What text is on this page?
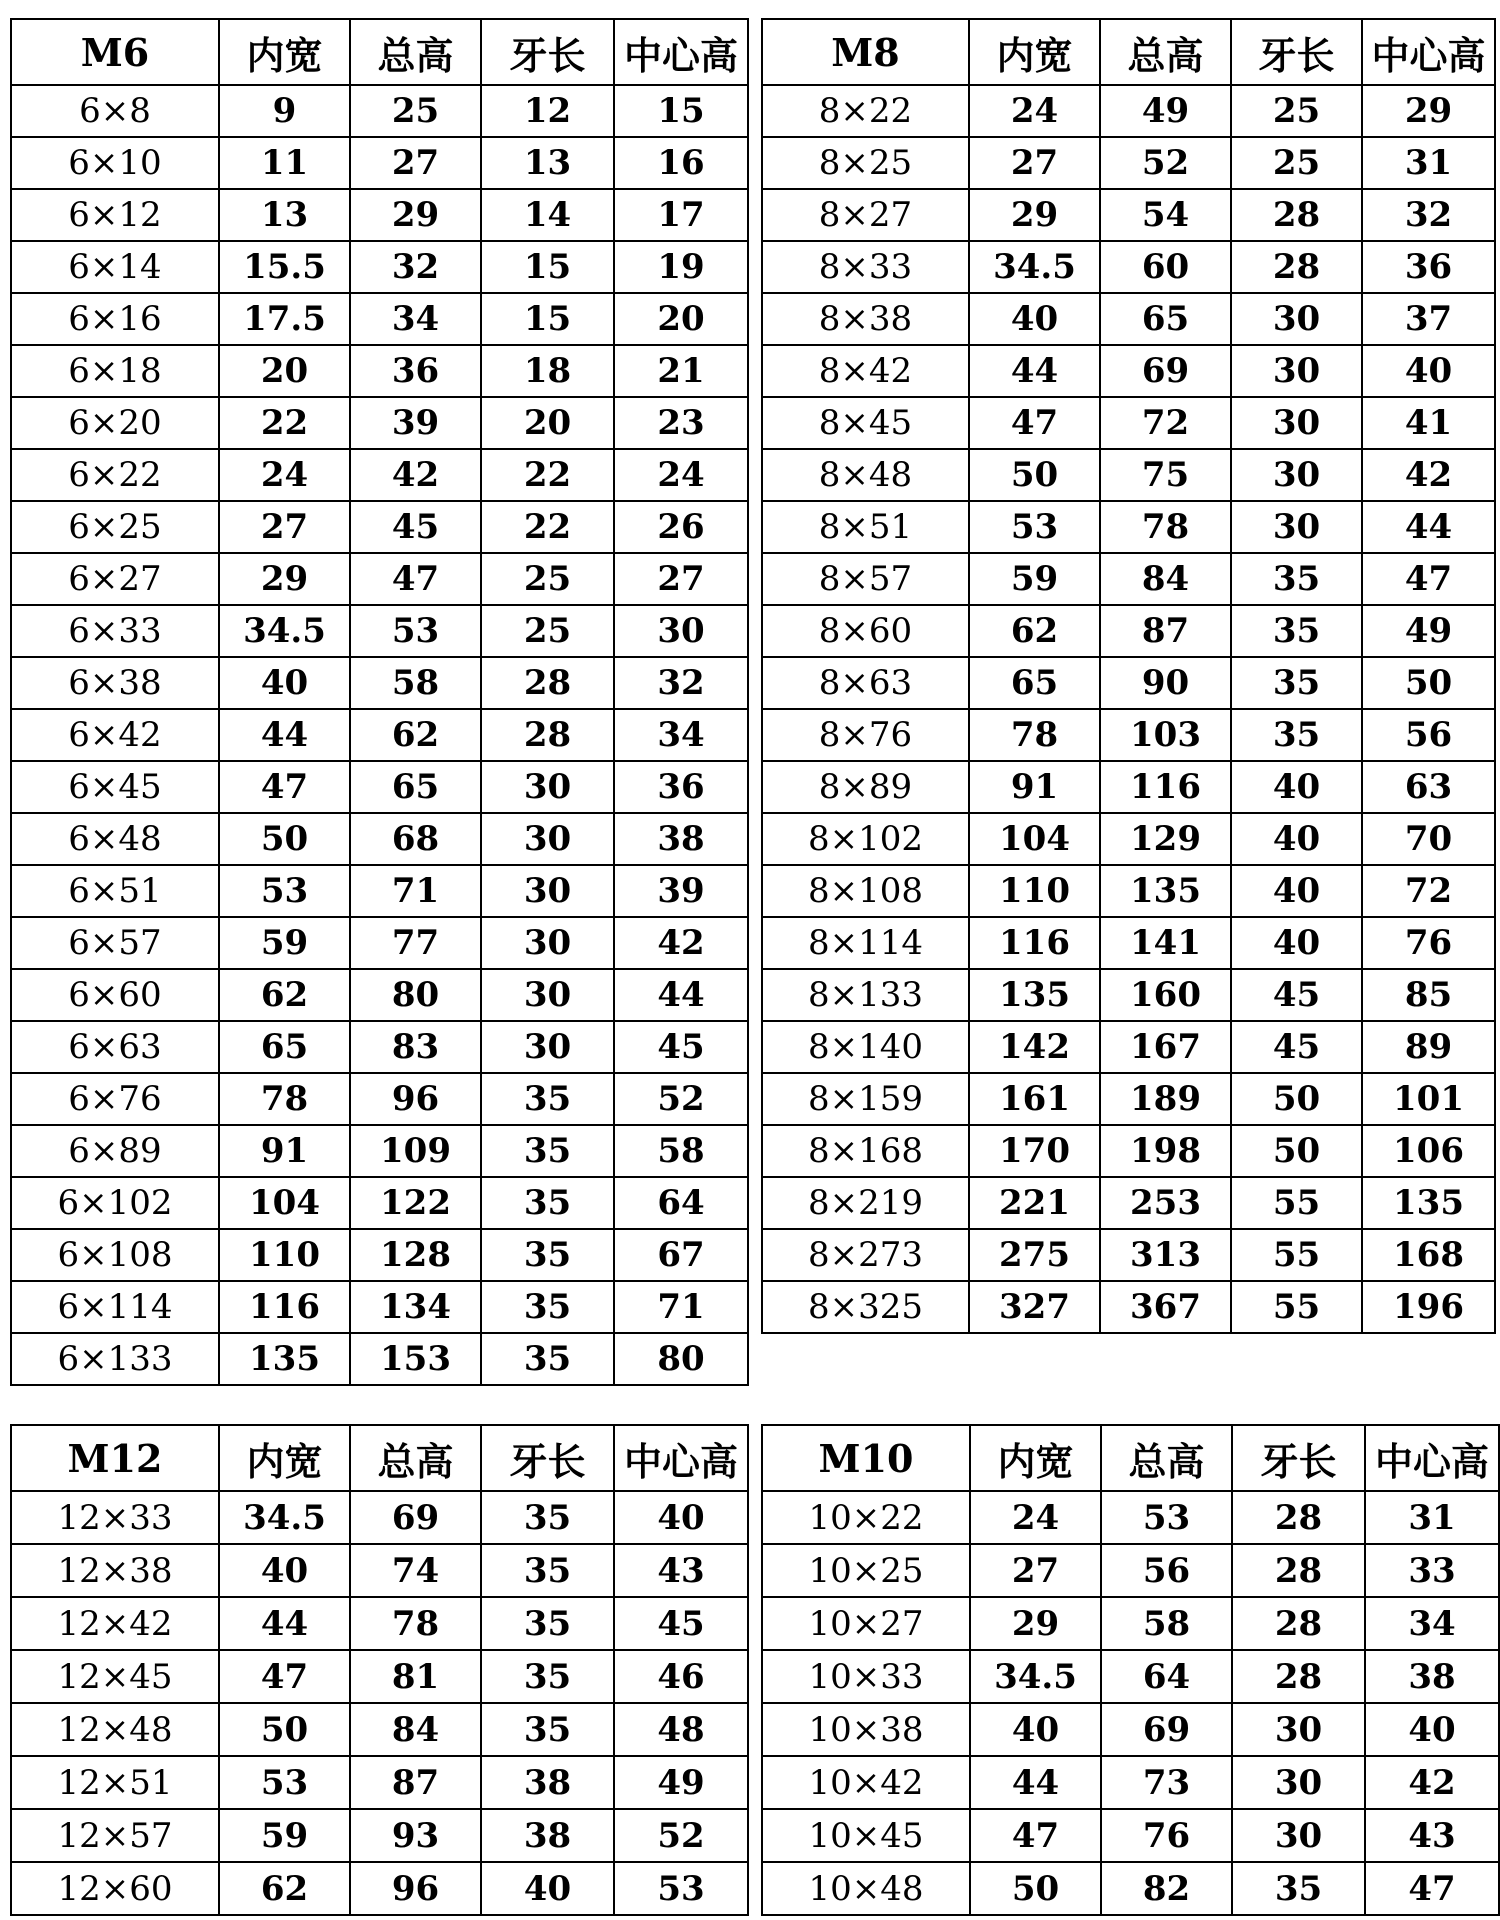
M6	内宽	总高	牙长	中心高
6×8	9	25	12	15
6×10	11	27	13	16
6×12	13	29	14	17
6×14	15.5	32	15	19
6×16	17.5	34	15	20
6×18	20	36	18	21
6×20	22	39	20	23
6×22	24	42	22	24
6×25	27	45	22	26
6×27	29	47	25	27
6×33	34.5	53	25	30
6×38	40	58	28	32
6×42	44	62	28	34
6×45	47	65	30	36
6×48	50	68	30	38
6×51	53	71	30	39
6×57	59	77	30	42
6×60	62	80	30	44
6×63	65	83	30	45
6×76	78	96	35	52
6×89	91	109	35	58
6×102	104	122	35	64
6×108	110	128	35	67
6×114	116	134	35	71
6×133	135	153	35	80
M8	内宽	总高	牙长	中心高
8×22	24	49	25	29
8×25	27	52	25	31
8×27	29	54	28	32
8×33	34.5	60	28	36
8×38	40	65	30	37
8×42	44	69	30	40
8×45	47	72	30	41
8×48	50	75	30	42
8×51	53	78	30	44
8×57	59	84	35	47
8×60	62	87	35	49
8×63	65	90	35	50
8×76	78	103	35	56
8×89	91	116	40	63
8×102	104	129	40	70
8×108	110	135	40	72
8×114	116	141	40	76
8×133	135	160	45	85
8×140	142	167	45	89
8×159	161	189	50	101
8×168	170	198	50	106
8×219	221	253	55	135
8×273	275	313	55	168
8×325	327	367	55	196
M12	内宽	总高	牙长	中心高
12×33	34.5	69	35	40
12×38	40	74	35	43
12×42	44	78	35	45
12×45	47	81	35	46
12×48	50	84	35	48
12×51	53	87	38	49
12×57	59	93	38	52
12×60	62	96	40	53
M10	内宽	总高	牙长	中心高
10×22	24	53	28	31
10×25	27	56	28	33
10×27	29	58	28	34
10×33	34.5	64	28	38
10×38	40	69	30	40
10×42	44	73	30	42
10×45	47	76	30	43
10×48	50	82	35	47
